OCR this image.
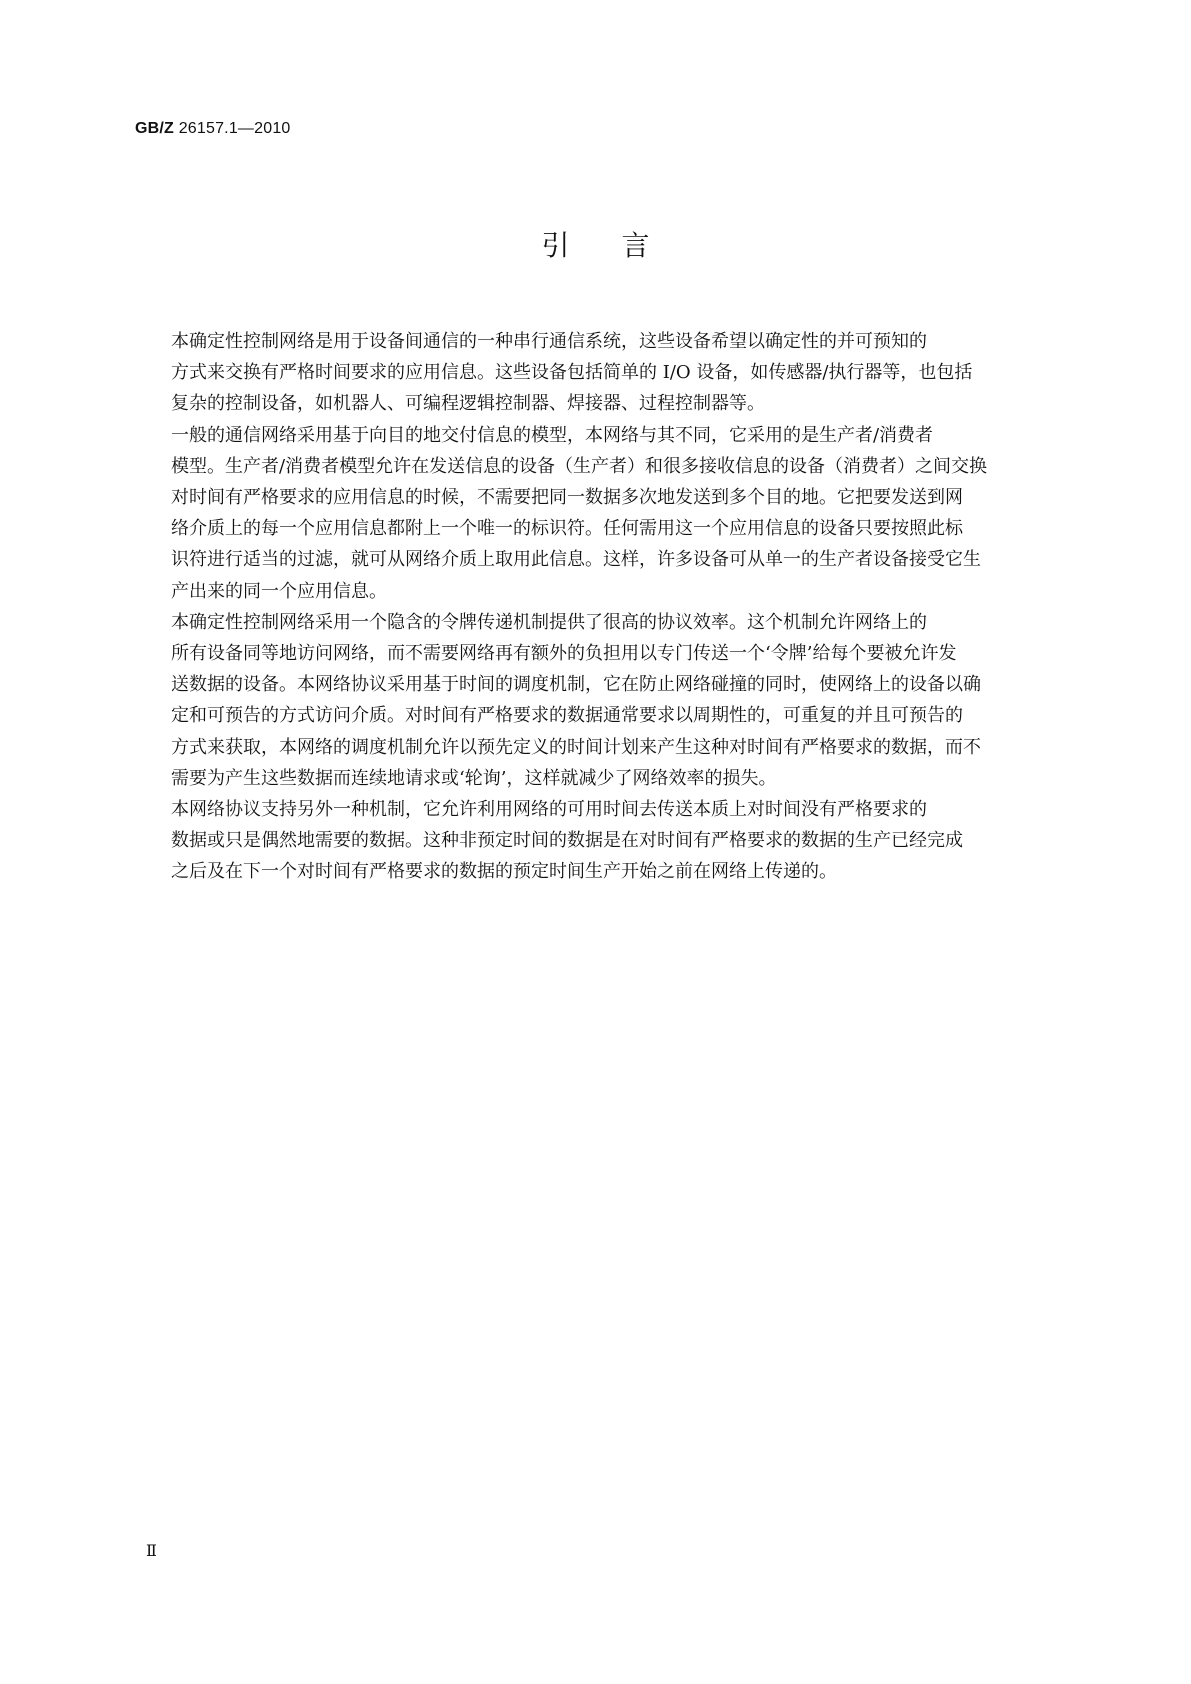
GB/Z 26157.1—2010
引言

本确定性控制网络是用于设备间通信的一种串行通信系统，这些设备希望以确定性的并可预知的
方式来交换有严格时间要求的应用信息。这些设备包括简单的 I/O 设备，如传感器/执行器等，也包括
复杂的控制设备，如机器人、可编程逻辑控制器、焊接器、过程控制器等。

一般的通信网络采用基于向目的地交付信息的模型，本网络与其不同，它采用的是生产者/消费者
模型。生产者/消费者模型允许在发送信息的设备（生产者）和很多接收信息的设备（消费者）之间交换
对时间有严格要求的应用信息的时候，不需要把同一数据多次地发送到多个目的地。它把要发送到网
络介质上的每一个应用信息都附上一个唯一的标识符。任何需用这一个应用信息的设备只要按照此标
识符进行适当的过滤，就可从网络介质上取用此信息。这样，许多设备可从单一的生产者设备接受它生
产出来的同一个应用信息。

本确定性控制网络采用一个隐含的令牌传递机制提供了很高的协议效率。这个机制允许网络上的
所有设备同等地访问网络，而不需要网络再有额外的负担用以专门传送一个‘令牌’给每个要被允许发
送数据的设备。本网络协议采用基于时间的调度机制，它在防止网络碰撞的同时，使网络上的设备以确
定和可预告的方式访问介质。对时间有严格要求的数据通常要求以周期性的，可重复的并且可预告的
方式来获取，本网络的调度机制允许以预先定义的时间计划来产生这种对时间有严格要求的数据，而不
需要为产生这些数据而连续地请求或‘轮询’，这样就减少了网络效率的损失。

本网络协议支持另外一种机制，它允许利用网络的可用时间去传送本质上对时间没有严格要求的
数据或只是偶然地需要的数据。这种非预定时间的数据是在对时间有严格要求的数据的生产已经完成
之后及在下一个对时间有严格要求的数据的预定时间生产开始之前在网络上传递的。

Ⅱ
